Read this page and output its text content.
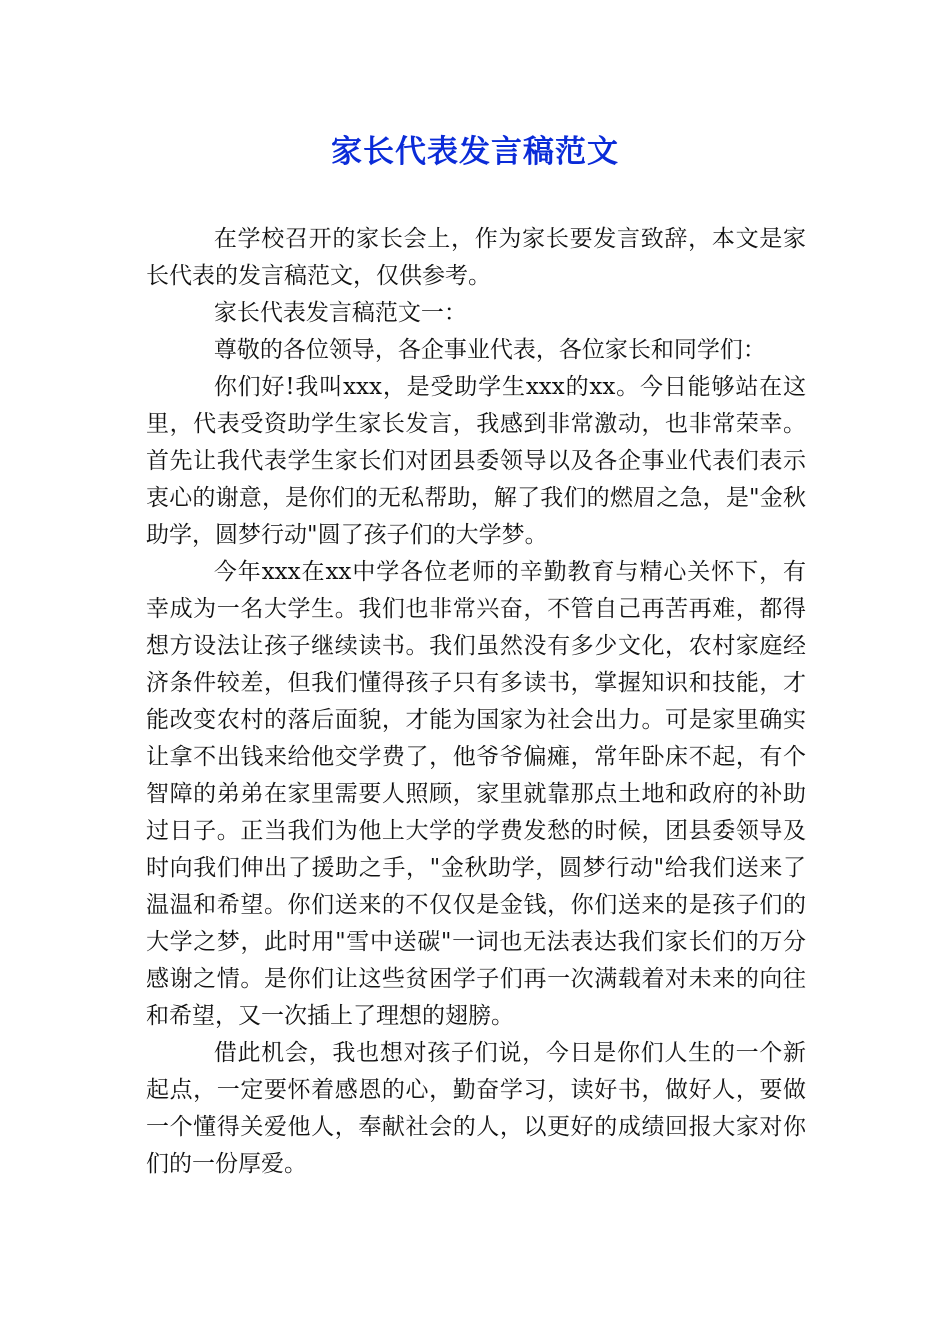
家长代表发言稿范文

在学校召开的家长会上，作为家长要发言致辞，本文是家长代表的发言稿范文，仅供参考。

家长代表发言稿范文一：

尊敬的各位领导，各企事业代表，各位家长和同学们：

你们好!我叫xxx，是受助学生xxx的xx。今日能够站在这里，代表受资助学生家长发言，我感到非常激动，也非常荣幸。首先让我代表学生家长们对团县委领导以及各企事业代表们表示衷心的谢意，是你们的无私帮助，解了我们的燃眉之急，是"金秋助学，圆梦行动"圆了孩子们的大学梦。

今年xxx在xx中学各位老师的辛勤教育与精心关怀下，有幸成为一名大学生。我们也非常兴奋，不管自己再苦再难，都得想方设法让孩子继续读书。我们虽然没有多少文化，农村家庭经济条件较差，但我们懂得孩子只有多读书，掌握知识和技能，才能改变农村的落后面貌，才能为国家为社会出力。可是家里确实让拿不出钱来给他交学费了，他爷爷偏瘫，常年卧床不起，有个智障的弟弟在家里需要人照顾，家里就靠那点土地和政府的补助过日子。正当我们为他上大学的学费发愁的时候，团县委领导及时向我们伸出了援助之手，"金秋助学，圆梦行动"给我们送来了温温和希望。你们送来的不仅仅是金钱，你们送来的是孩子们的大学之梦，此时用"雪中送碳"一词也无法表达我们家长们的万分感谢之情。是你们让这些贫困学子们再一次满载着对未来的向往和希望，又一次插上了理想的翅膀。

借此机会，我也想对孩子们说，今日是你们人生的一个新起点，一定要怀着感恩的心，勤奋学习，读好书，做好人，要做一个懂得关爱他人，奉献社会的人，以更好的成绩回报大家对你们的一份厚爱。
